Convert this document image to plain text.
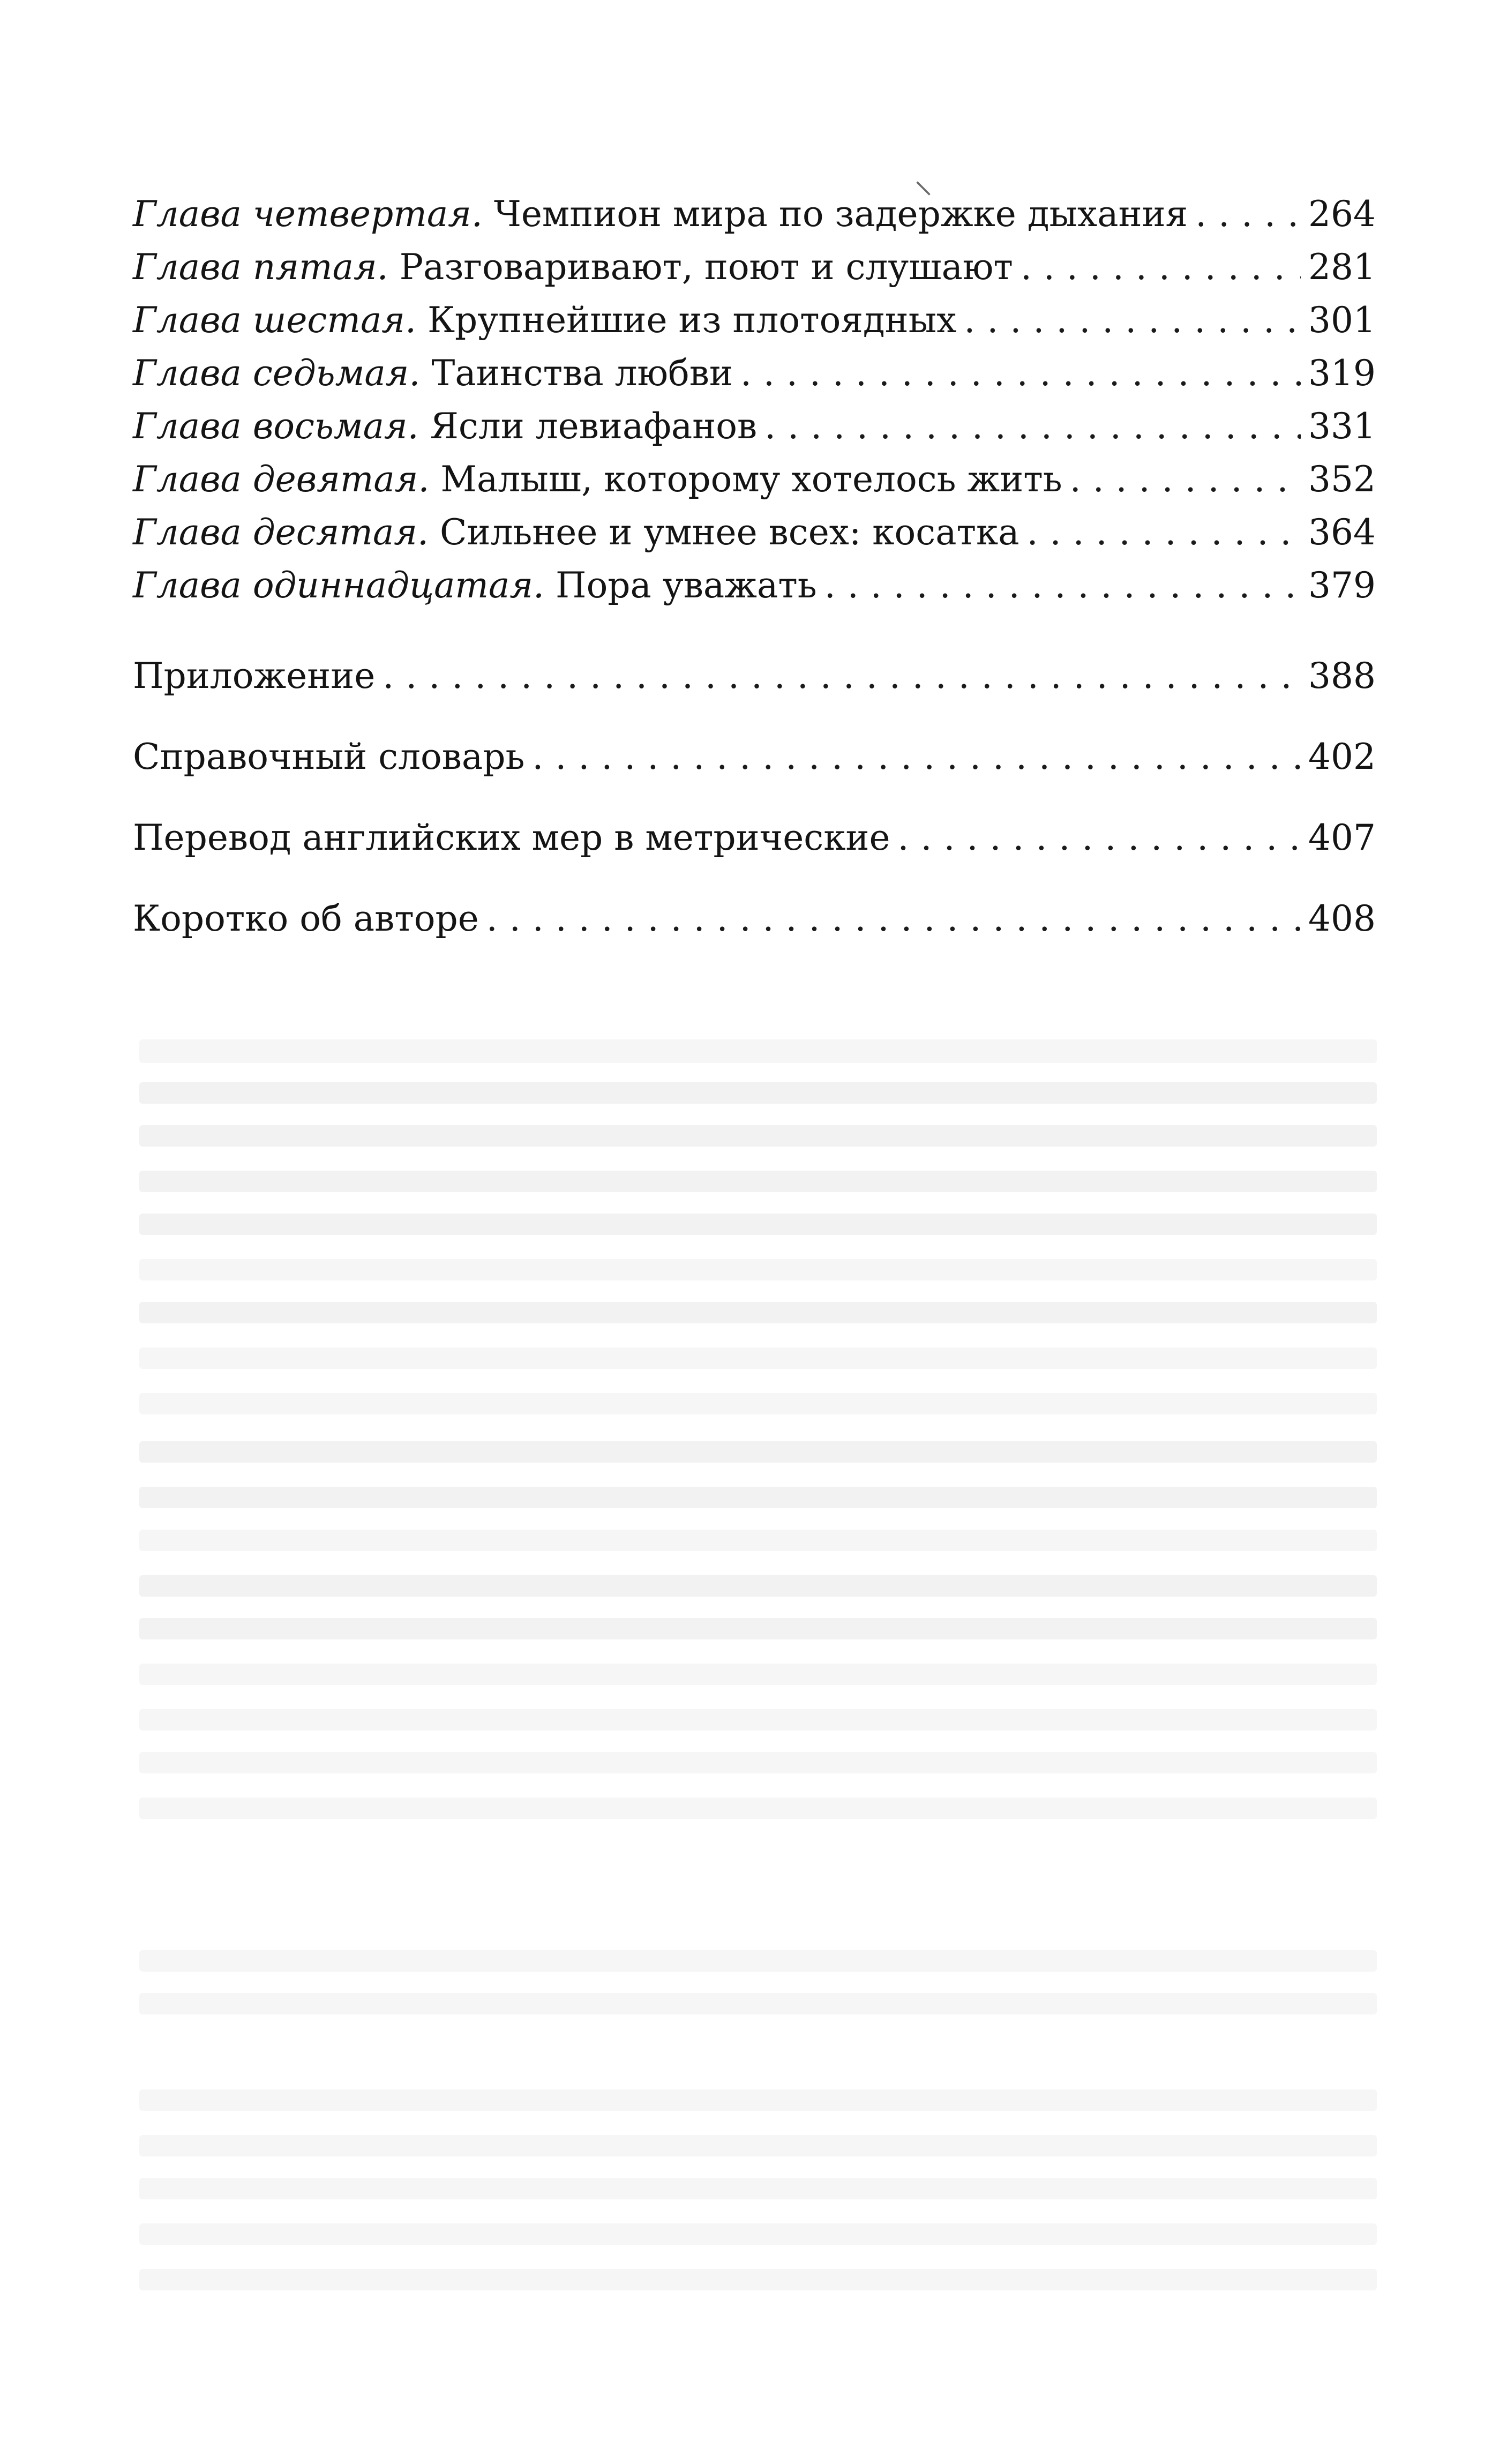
⸜
Глава четвертая. Чемпион мира по задержке дыхания .....	264
Глава пятая. Разговаривают, поют и слушают .....	281
Глава шестая. Крупнейшие из плотоядных .....	301
Глава седьмая. Таинства любви .....	319
Глава восьмая. Ясли левиафанов .....	331
Глава девятая. Малыш, которому хотелось жить .....	352
Глава десятая. Сильнее и умнее всех: косатка .....	364
Глава одиннадцатая. Пора уважать .....	379
Приложение .....	388
Справочный словарь .....	402
Перевод английских мер в метрические .....	407
Коротко об авторе .....	408
